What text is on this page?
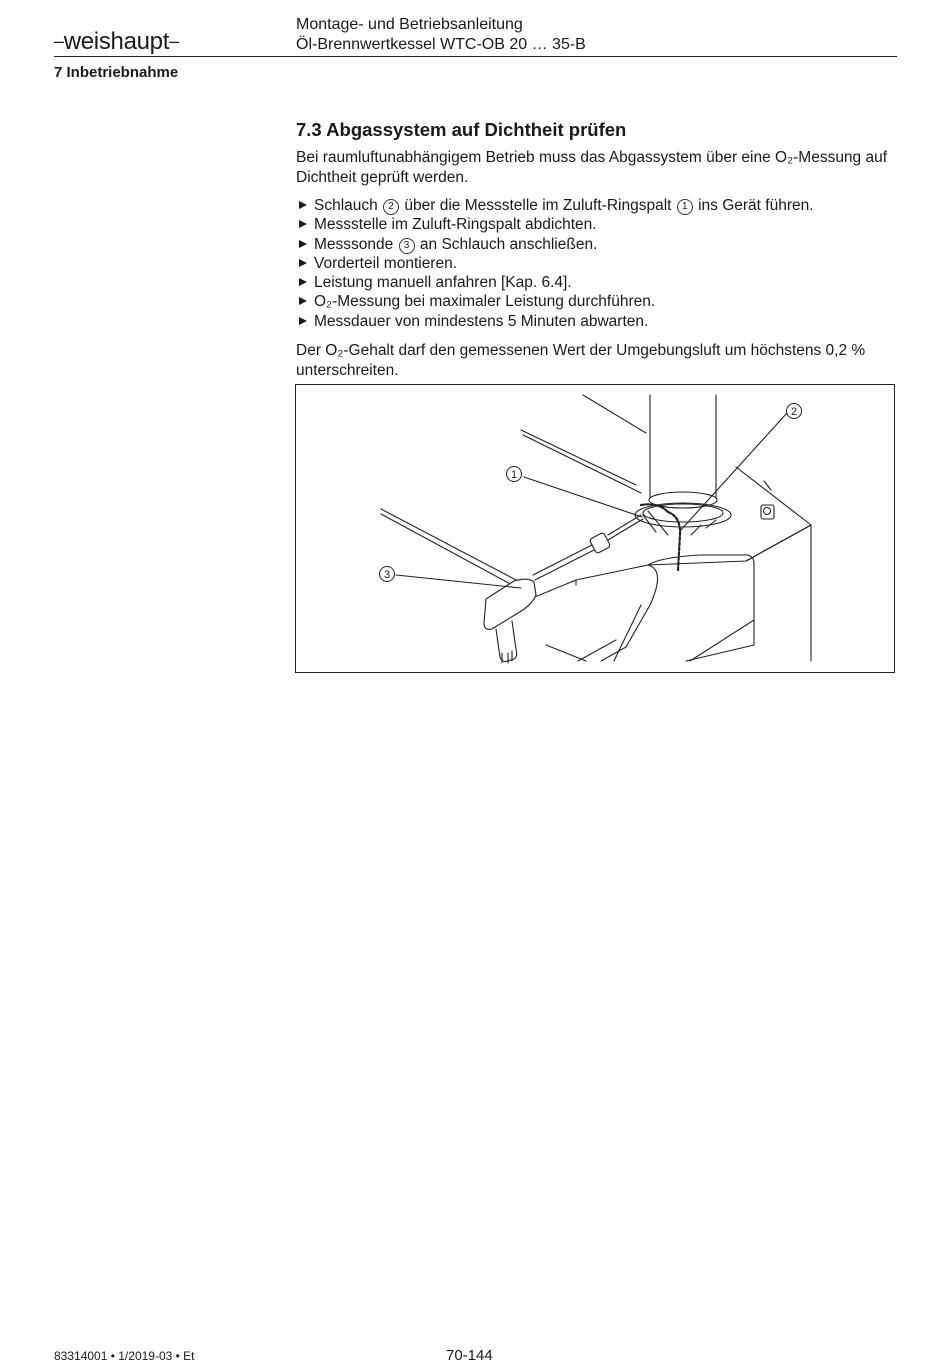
–weishaupt–
Montage- und Betriebsanleitung
Öl-Brennwertkessel WTC-OB 20 … 35-B
7 Inbetriebnahme
7.3 Abgassystem auf Dichtheit prüfen

Bei raumluftunabhängigem Betrieb muss das Abgassystem über eine O₂-Messung auf Dichtheit geprüft werden.

Schlauch 2 über die Messstelle im Zuluft-Ringspalt 1 ins Gerät führen.
Messstelle im Zuluft-Ringspalt abdichten.
Messsonde 3 an Schlauch anschließen.
Vorderteil montieren.
Leistung manuell anfahren [Kap. 6.4].
O₂-Messung bei maximaler Leistung durchführen.
Messdauer von mindestens 5 Minuten abwarten.

Der O₂-Gehalt darf den gemessenen Wert der Umgebungsluft um höchstens 0,2 % unterschreiten.

1
2
3
83314001 • 1/2019-03 • Et	70-144
